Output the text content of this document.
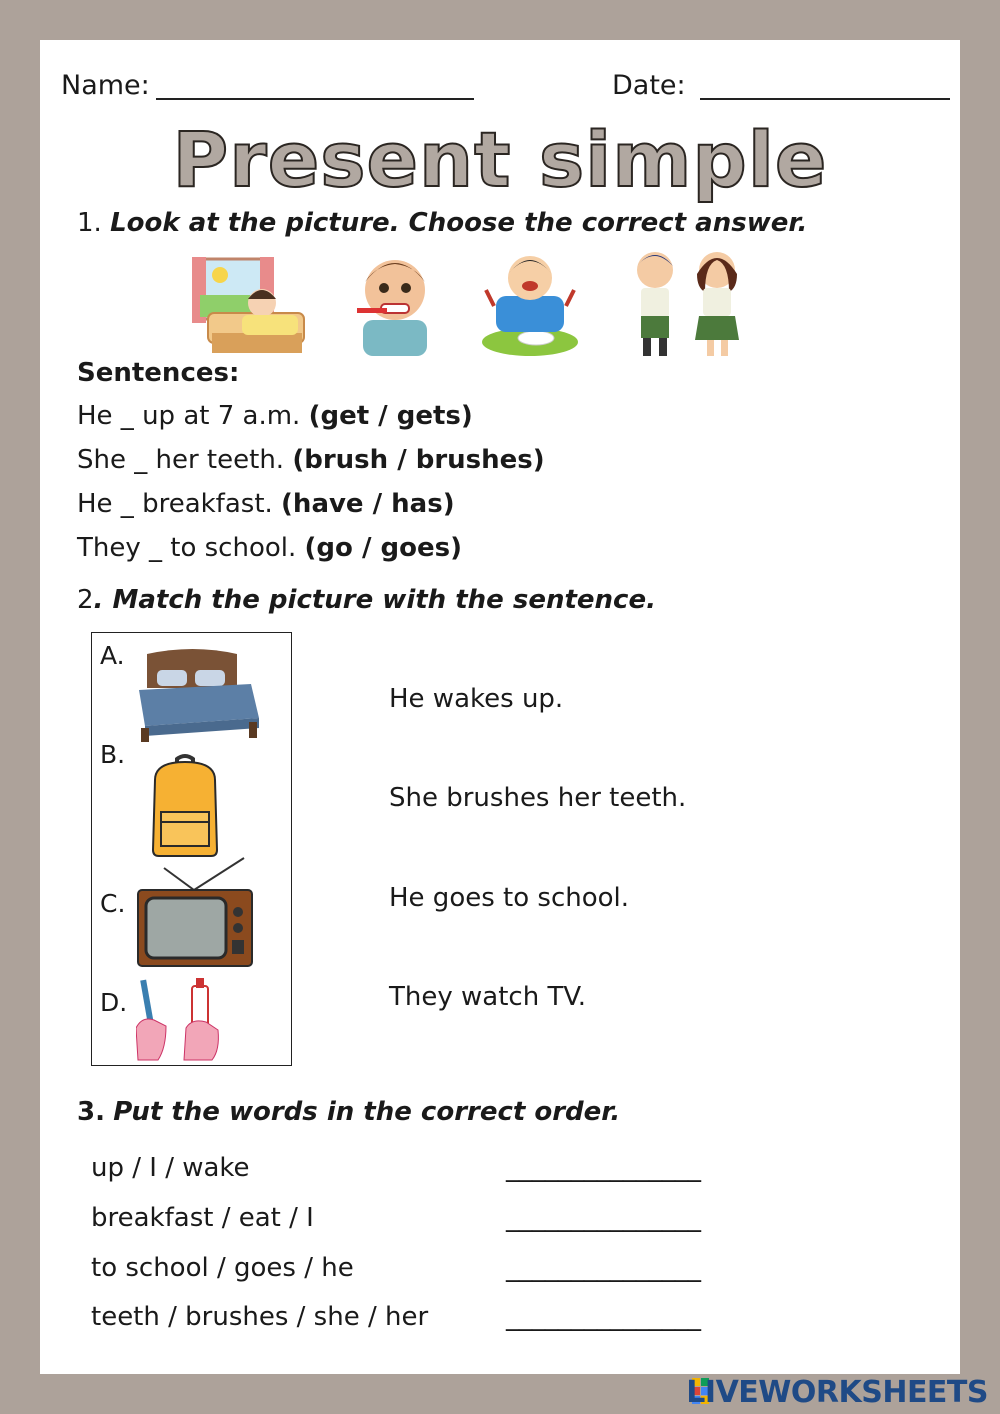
Name:	Date:
Present simple
1. Look at the picture. Choose the correct answer.
Sentences:
He _ up at 7 a.m. (get / gets)
She _ her teeth. (brush / brushes)
He _ breakfast. (have / has)
They _ to school. (go / goes)
2. Match the picture with the sentence.
A.
B.
C.
D.
He wakes up.
She brushes her teeth.
He goes to school.
They watch TV.
3. Put the words in the correct order.
up / I / wake
breakfast / eat / I
to school / goes / he
teeth / brushes / she / her
_______________
_______________
_______________
_______________
LIVEWORKSHEETS
